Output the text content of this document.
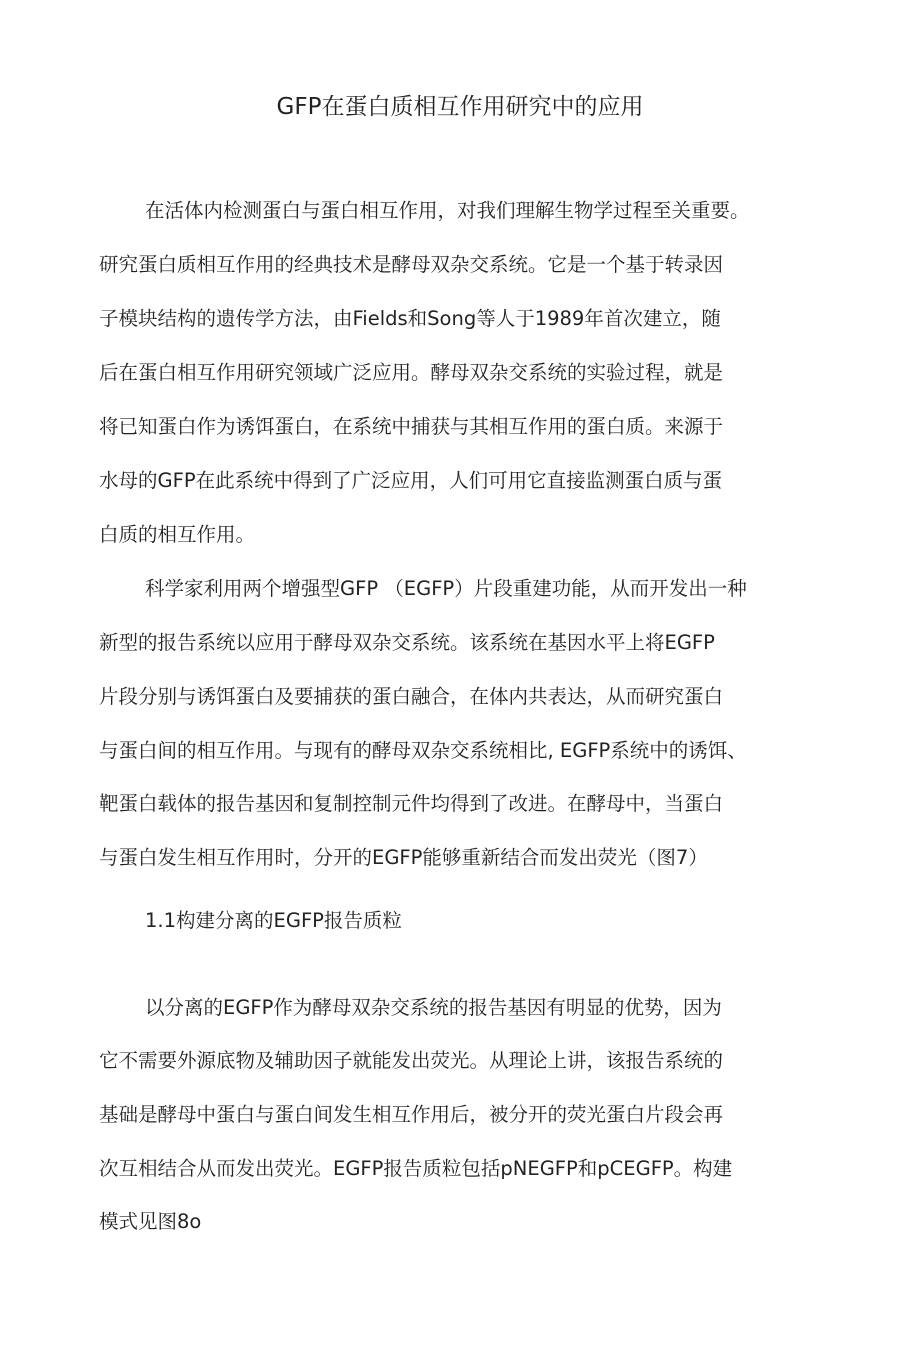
GFP在蛋白质相互作用研究中的应用
在活体内检测蛋白与蛋白相互作用，对我们理解生物学过程至关重要。
研究蛋白质相互作用的经典技术是酵母双杂交系统。它是一个基于转录因
子模块结构的遗传学方法，由Fields和Song等人于1989年首次建立，随
后在蛋白相互作用研究领域广泛应用。酵母双杂交系统的实验过程，就是
将已知蛋白作为诱饵蛋白，在系统中捕获与其相互作用的蛋白质。来源于
水母的GFP在此系统中得到了广泛应用，人们可用它直接监测蛋白质与蛋
白质的相互作用。
科学家利用两个增强型GFP （EGFP）片段重建功能，从而开发出一种
新型的报告系统以应用于酵母双杂交系统。该系统在基因水平上将EGFP
片段分别与诱饵蛋白及要捕获的蛋白融合，在体内共表达，从而研究蛋白
与蛋白间的相互作用。与现有的酵母双杂交系统相比, EGFP系统中的诱饵、
靶蛋白载体的报告基因和复制控制元件均得到了改进。在酵母中，当蛋白
与蛋白发生相互作用时，分开的EGFP能够重新结合而发出荧光（图7）
1.1构建分离的EGFP报告质粒
以分离的EGFP作为酵母双杂交系统的报告基因有明显的优势，因为
它不需要外源底物及辅助因子就能发出荧光。从理论上讲，该报告系统的
基础是酵母中蛋白与蛋白间发生相互作用后，被分开的荧光蛋白片段会再
次互相结合从而发出荧光。EGFP报告质粒包括pNEGFP和pCEGFP。构建
模式见图8o
